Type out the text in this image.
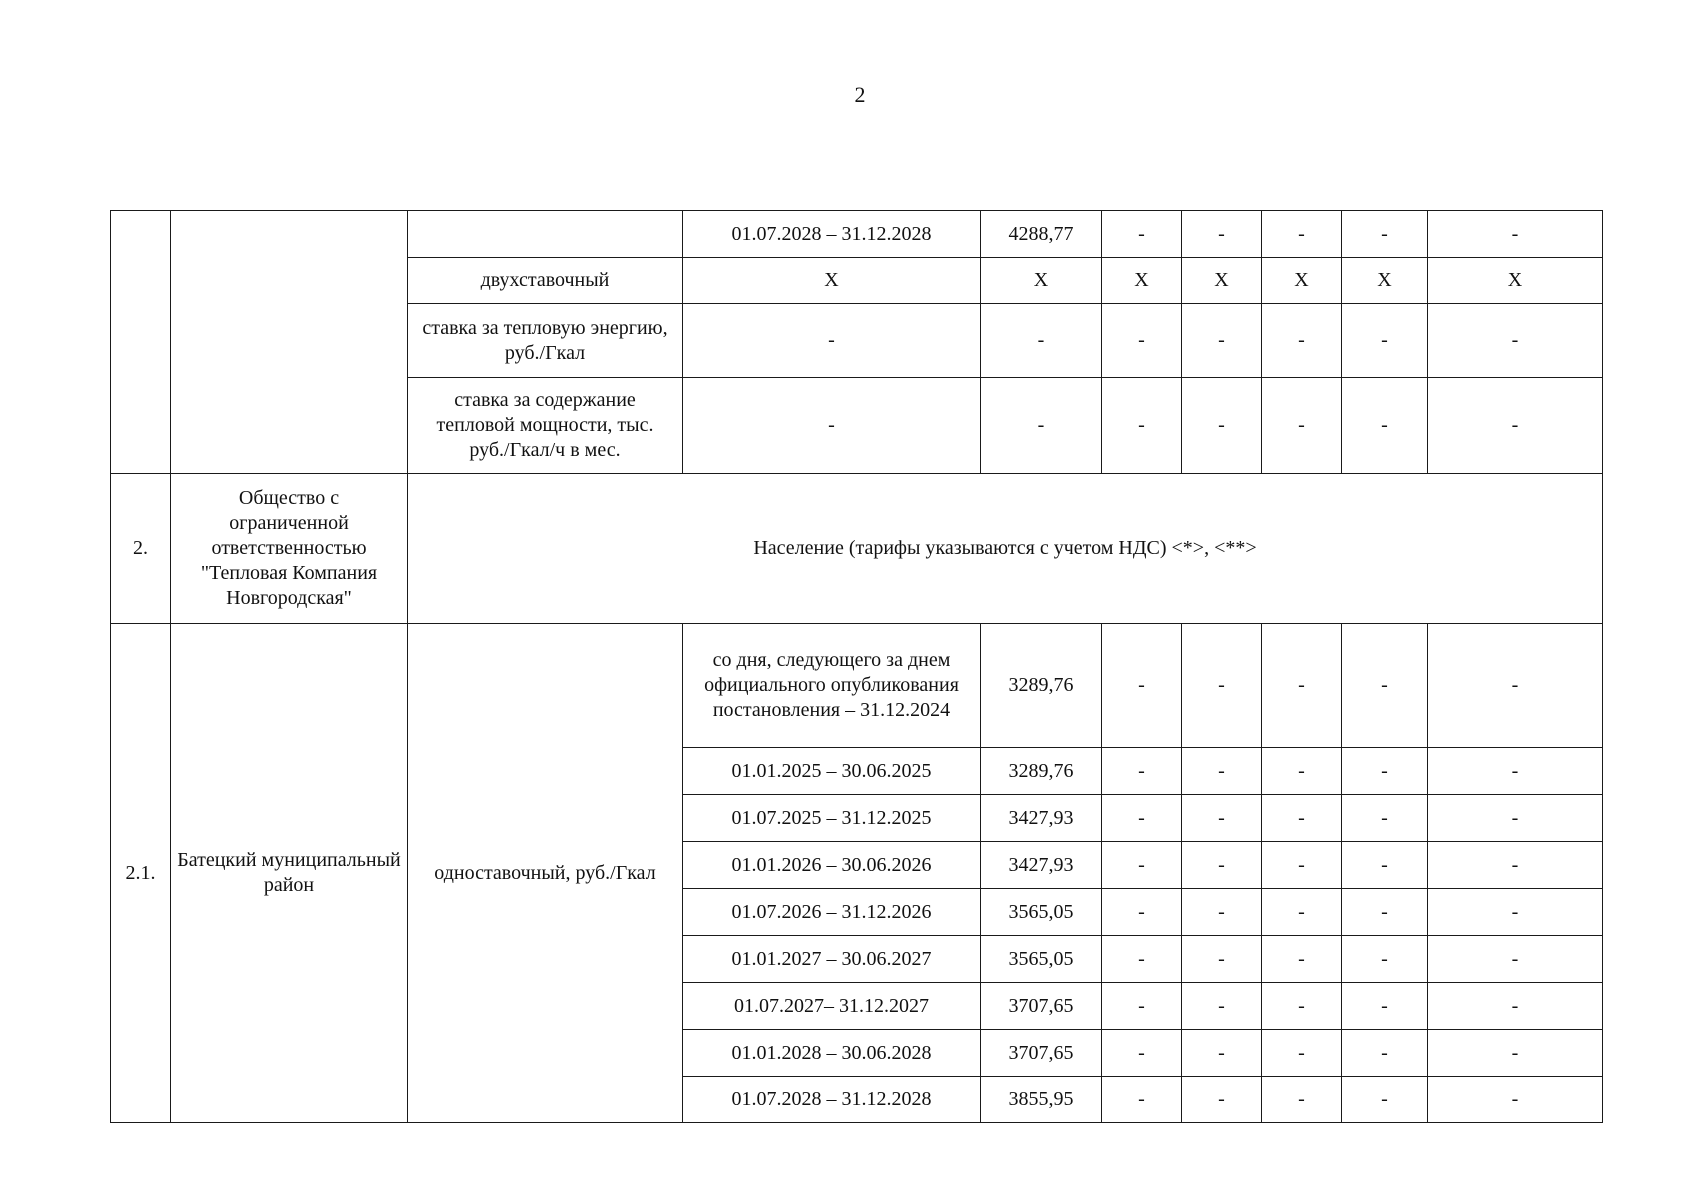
2
			01.07.2028 – 31.12.2028	4288,77	-	-	-	-	-
		двухставочный	X	X	X	X	X	X	X
		ставка за тепловую энергию, руб./Гкал	-	-	-	-	-	-	-
		ставка за содержание тепловой мощности, тыс. руб./Гкал/ч в мес.	-	-	-	-	-	-	-
2.	Общество с ограниченной ответственностью "Тепловая Компания Новгородская"	Население (тарифы указываются с учетом НДС) <*>, <**>							
2.1.	Батецкий муниципальный район	одноставочный, руб./Гкал	со дня, следующего за днем официального опубликования постановления – 31.12.2024	3289,76	-	-	-	-	-
			01.01.2025 – 30.06.2025	3289,76	-	-	-	-	-
			01.07.2025 – 31.12.2025	3427,93	-	-	-	-	-
			01.01.2026 – 30.06.2026	3427,93	-	-	-	-	-
			01.07.2026 – 31.12.2026	3565,05	-	-	-	-	-
			01.01.2027 – 30.06.2027	3565,05	-	-	-	-	-
			01.07.2027– 31.12.2027	3707,65	-	-	-	-	-
			01.01.2028 – 30.06.2028	3707,65	-	-	-	-	-
			01.07.2028 – 31.12.2028	3855,95	-	-	-	-	-
